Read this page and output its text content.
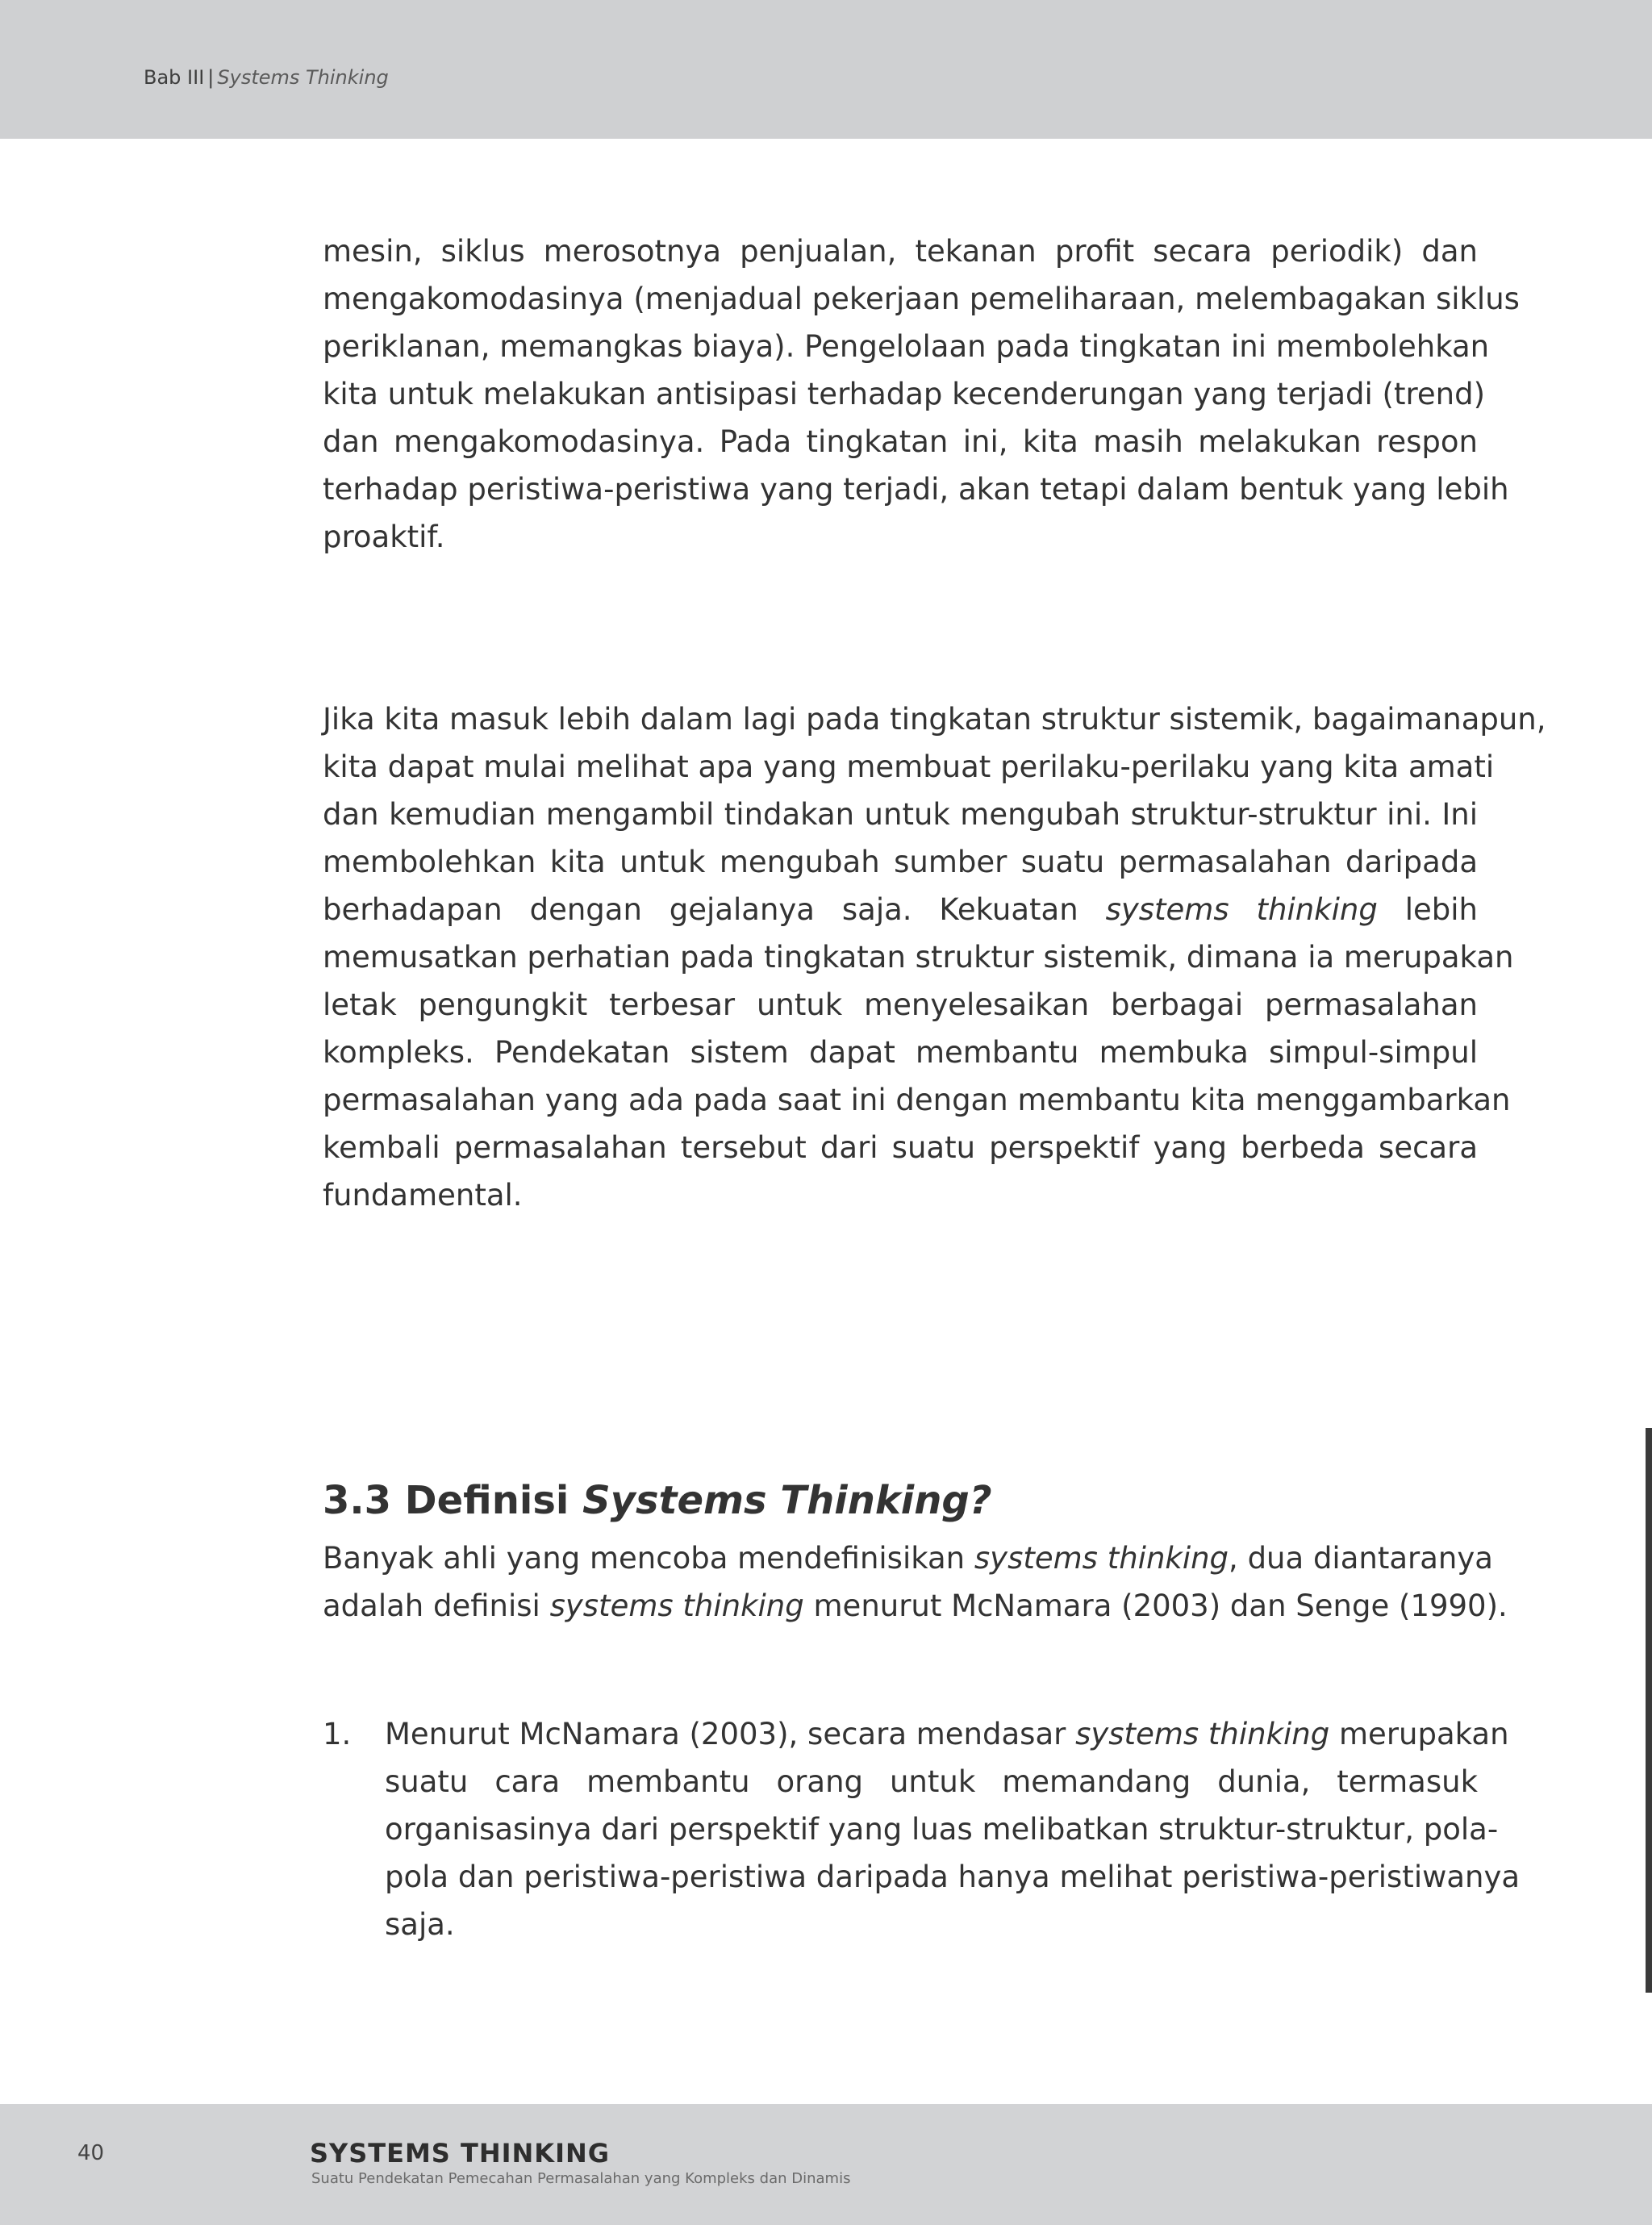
Bab III | Systems Thinking
mesin, siklus merosotnya penjualan, tekanan profit secara periodik) dan
mengakomodasinya (menjadual pekerjaan pemeliharaan, melembagakan siklus
periklanan, memangkas biaya). Pengelolaan pada tingkatan ini membolehkan
kita untuk melakukan antisipasi terhadap kecenderungan yang terjadi (trend)
dan mengakomodasinya. Pada tingkatan ini, kita masih melakukan respon
terhadap peristiwa-peristiwa yang terjadi, akan tetapi dalam bentuk yang lebih
proaktif.
Jika kita masuk lebih dalam lagi pada tingkatan struktur sistemik, bagaimanapun,
kita dapat mulai melihat apa yang membuat perilaku-perilaku yang kita amati
dan kemudian mengambil tindakan untuk mengubah struktur-struktur ini. Ini
membolehkan kita untuk mengubah sumber suatu permasalahan daripada
berhadapan dengan gejalanya saja. Kekuatan systems thinking lebih
memusatkan perhatian pada tingkatan struktur sistemik, dimana ia merupakan
letak pengungkit terbesar untuk menyelesaikan berbagai permasalahan
kompleks. Pendekatan sistem dapat membantu membuka simpul-simpul
permasalahan yang ada pada saat ini dengan membantu kita menggambarkan
kembali permasalahan tersebut dari suatu perspektif yang berbeda secara
fundamental.
3.3 Definisi Systems Thinking?
Banyak ahli yang mencoba mendefinisikan systems thinking, dua diantaranya
adalah definisi systems thinking menurut McNamara (2003) dan Senge (1990).
1. Menurut McNamara (2003), secara mendasar systems thinking merupakan
suatu cara membantu orang untuk memandang dunia, termasuk
organisasinya dari perspektif yang luas melibatkan struktur-struktur, pola-
pola dan peristiwa-peristiwa daripada hanya melihat peristiwa-peristiwanya
saja.
40	SYSTEMS THINKING
Suatu Pendekatan Pemecahan Permasalahan yang Kompleks dan Dinamis
